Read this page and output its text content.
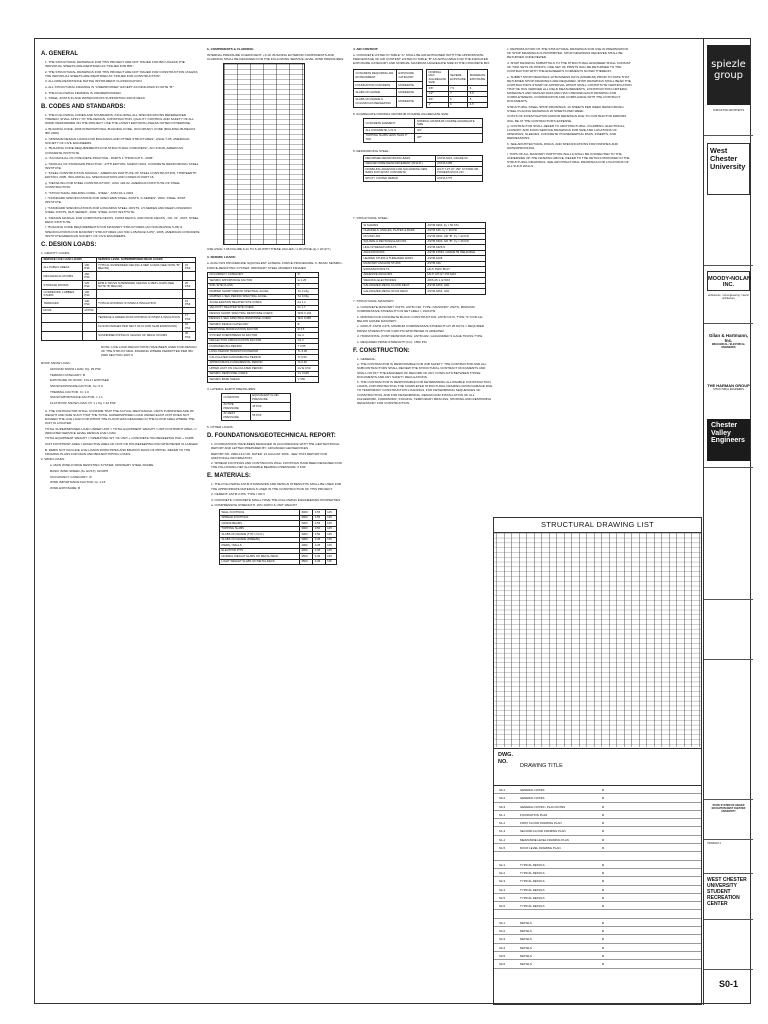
A. GENERAL
1. THE STRUCTURAL DRAWINGS FOR THIS PROJECT ARE NOT ISSUED FOR BID UNLESS THE INDIVIDUAL SHEETS ARE IDENTIFIED AS "ISSUED FOR BID".
2. THE STRUCTURAL DRAWINGS FOR THIS PROJECT ARE NOT ISSUED FOR CONSTRUCTION UNLESS THE INDIVIDUAL SHEETS ARE IDENTIFIED AS "ISSUED FOR CONSTRUCTION".
3. ALL FIRE RESISTANCE RATING INSTRUMENT CLASSIFICATION:
a. ALL STRUCTURAL FRAMING IS "FIREPROOFED" EXCEPT AS INDICATED IN NOTE "B."
b. THE FOLLOWING FRAMING IS UNFIREPROOFED:
1. STEEL JOISTS IN AND WATER ROOFS SUPPORTING ROOF DECK
B. CODES AND STANDARDS:
1. THE FOLLOWING CODES AND STANDARDS, INCLUDING ALL SPECIFICATIONS REFERENCED THEREIN, SHALL APPLY TO THE DESIGN, CONSTRUCTION, QUALITY CONTROL AND SAFETY OF ALL WORK PERFORMED ON THE PROJECT. USE THE LATEST EDITIONS UNLESS NOTED OTHERWISE.
a. BUILDING CODE: 2006 INTERNATIONAL BUILDING CODE, OCCUPANCY CODE (BUILDING BUREAUS IBC 2006)
b. "MINIMUM DESIGN LOADS FOR BUILDINGS AND OTHER STRUCTURES", ASCE 7-05, AMERICAN SOCIETY OF CIVIL ENGINEERS.
c. "BUILDING CODE REQUIREMENTS FOR STRUCTURAL CONCRETE", ACI 318-05, AMERICAN CONCRETE INSTITUTE.
d. "ACI MANUAL OF CONCRETE PRACTICE - PARTS 1 THROUGH 6 - 2008".
e. "MANUAL OF STANDARD PRACTICE", 27TH EDITION, MARCH 2001, CONCRETE REINFORCING STEEL INSTITUTE.
f. "STEEL CONSTRUCTION MANUAL", AMERICAN INSTITUTE OF STEEL CONSTRUCTION, THIRTEENTH EDITION, 2005, INCLUDING ALL SPECIFICATIONS AND CODES IN PART 16.
g. "DETAILING FOR STEEL CONSTRUCTION", AISC 126-02, AMERICAN INSTITUTE OF STEEL CONSTRUCTION.
h. "STRUCTURAL WELDING CODE - STEEL", ANSI D1.1-2004
i. "STANDARD SPECIFICATIONS FOR OPEN WEB STEEL JOISTS, K-SERIES", 2002, STEEL JOIST INSTITUTE.
j. "STANDARD SPECIFICATIONS FOR LONGSPAN STEEL JOISTS, LH-SERIES AND DEEP LONGSPAN STEEL JOISTS, DLH-SERIES", 2002, STEEL JOIST INSTITUTE.
k. "DESIGN MANUAL FOR COMPOSITE DECKS, FORM DECKS, AND ROOF DECKS - NO. 31", 2007, STEEL DECK INSTITUTE.
l. "BUILDING CODE REQUIREMENTS FOR MASONRY STRUCTURES (ACI 530-05/ASCE 5-05) & SPECIFICATIONS FOR MASONRY STRUCTURES (ACI 530.1-05/ASCE 6-05)", 2005, AMERICAN CONCRETE INSTITUTE/AMERICAN SOCIETY OF CIVIL ENGINEERS.
C. DESIGN LOADS:
1. GRAVITY LOADS:
SERVICE LIVE LOAD LOADS		SERVICE LEVEL SUPERIMPOSED DEAD LOADS	
ALL PUBLIC AREAS	100 PSF	TYPICAL SUSPENDED CEILING & MEP LOADS (SEE NOTE "B" BELOW)	15 PSF
MECHANICAL ROOMS	150 PSF		
STORAGE ROOMS	125 PSF	EPM & TRUSS SUSPENDED CEILING & MEP LOADS (SEE NOTE "B" BELOW)	25 PSF
CORRIDORS, LOBBIES, STAIRS	100 PSF		
TERRACES	100 PSF	TYPICAL ROOFING SYSTEM & INSULATION	15 PSF
ROOF	20 PSF		
		TERRACE & GREEN ROOF ROOFING SYSTEM & INSULATION	17 PSF
		FLOOR FINISHES PER SECT OF FLOOR SLAB EXPANSION)	10 PSF
		SUSPENDED PIPING IN CEILING OF MECH. ROOMS	30 PSF
NOTE: LIVE LOAD REDUCTIONS HAVE BEEN USED FOR DESIGN OF THE STRUCTURAL FRAMING WHERE PERMITTED PER IBC 2006 SECTION 1607.9
ROOF SNOW LOAD:
GROUND SNOW LOAD, Pg: 25 PSF
TERRAIN CATEGORY: B
EXPOSURE OF ROOF: FULLY EXPOSED
SNOW EXPOSURE FACTOR, Ce: 0.9
THERMAL FACTOR, Ct: 1.0
SNOW IMPORTANCE FACTOR, I: 1.1
FLAT ROOF SNOW LOAD, Pf: 1 x Pg = 22 PSF
A. THE CONTRACTOR SHALL CONFIRM THAT THE ACTUAL MECHANICAL UNITS FURNISHED ARE OF WEIGHT AND SIZE SUCH THAT THE TOTAL SUPERIMPOSED LOAD UNDER EACH UNIT DOES NOT EXCEED THE LIVE LOAD FOR WHICH THE FLOOR WAS DESIGNED IN THE FLOOR AREA WHERE THE UNIT IS LOCATED.
TOTAL SUPERIMPOSED LOAD UNDER UNIT = TOTAL EQUIPMENT WEIGHT / UNIT FOOTPRINT AREA <= INDICATED SERVICE LEVEL DESIGN LIVE LOAD
TOTAL EQUIPMENT WEIGHT = OPERATING WT. OF UNIT + CONCRETE HOUSEKEEPING PAD + CURB
UNIT FOOTPRINT AREA = EFFECTIVE AREA OF UNIT OR HOUSEKEEPING PAD WHICHEVER IS LARGER
B. DEBIS NOT INCLUDE LIVE LOADS FROM PIPES AND BRANCH RUNS OF PIPING. REFER TO THE FRAMING PLANS FOR MAIN AND BRANCH PIPING LOADS.
2. WIND LOADS:
a. MAIN WIND-FORCE RESISTING SYSTEM: ORDINARY STEEL FRAME
BASIC WIND SPEED (3s GUST): 90 MPH
OCCUPANCY CATEGORY: III
WIND IMPORTANCE FACTOR, Iw: 1.15
WIND EXPOSURE: B
b. COMPONENTS & CLADDING:
INTERNAL PRESSURE COEFFICIENT: +0.18. BUILDING EXTERIOR COMPONENTS AND CLADDING SHALL BE DESIGNED FOR THE FOLLOWING SERVICE LEVEL WIND PRESSURES:
USE ASCE 7-05 FIGURE 6-11 TO 6-18 WITH THESE VALUES / 1.00 ZONE (a) = 20 (FT.)
3. SEISMIC LOADS:
a. ANALYSIS PROCEDURE: EQUIVALENT LATERAL FORCE PROCEDURE. b. BASIC SEISMIC-FORCE-RESISTING SYSTEM: ORDINARY STEEL MOMENT FRAMES
OCCUPANCY CATEGORY	III
SEISMIC IMPORTANCE FACTOR	Ie 1.25
SOIL SITE CLASS	C
MAPPED SHORT PERIOD SPECTRAL ACCEL.	Ss 0.24g
MAPPED 1 SEC PERIOD SPECTRAL ACCEL.	S1 0.06g
ACCELERATION RELATED SITE COEFF.	Fa 1.2
VELOCITY RELATED SITE COEFF.	Fv 1.7
DESIGN SHORT SPECTRAL RESPONSE COEFF.	SDS 0.192
DESIGN 1 SEC SPECTRAL RESPONSE COEFF.	SD1 0.068
SEISMIC DESIGN CATEGORY	B
RESPONSE MODIFICATION FACTOR	R 3.5
SYSTEM OVERSTRENGTH FACTOR	Ωo 3
DEFLECTION AMPLIFICATION FACTOR	Cd 3
FUNDAMENTAL PERIOD	T 0.55
LONG PERIOD TRANSITION PERIOD	TL 6.00
CALCULATED FUNDAMENTAL PERIOD	Tc 0.50
APPROXIMATE FUNDAMENTAL PERIOD	Ta 0.30
UPPER LIMIT ON CALCULATED PERIOD	CuTa 0.50
SEISMIC RESPONSE COEFF.	Cs 0.045
SEISMIC BASE SHEAR	V 350
4. LATERAL EARTH PRESSURES:
CONDITION	EQUIVALENT FLUID PRESSURE
ACTIVE PRESSURE	35 PCF
AT REST PRESSURE	55 PCF
5. OTHER LOADS:
D. FOUNDATIONS/GEOTECHNICAL REPORT:
1. FOUNDATIONS HAVE BEEN DESIGNED IN ACCORDANCE WITH THE GEOTECHNICAL REPORT AND LETTER PREPARED BY: ADVANCED GEOSERVICES
REPORT NO. 2009-1417.00. DATED: 21 AUGUST 2009 - SEE THAT REPORT FOR ADDITIONAL INFORMATION.
2. SPREAD FOOTINGS AND CONTINUOUS WALL FOOTINGS HAVE BEEN DESIGNED FOR THE FOLLOWING NET ALLOWABLE BEARING PRESSURE: 3 KSF
E. MATERIALS:
1. THE FOLLOWING ASTM STANDARDS AND DESIGN STRENGTHS SHALL BE USED FOR THE APPROPRIATE MATERIALS USED IN THE CONSTRUCTION OF THIS PROJECT.
2. CEMENT: ASTM C150, TYPE I OR II
3. CONCRETE: CONCRETE SHALL HAVE THE FOLLOWING ENGINEERING PROPERTIES
a. COMPRESSIVE STRENGTH, W/C RATIO & UNIT WEIGHT
WALL FOOTINGS	3000	0.55	145
SPREAD FOOTINGS	3000	0.55	145
GRADE BEAMS	3000	0.55	145
TOPPING SLABS	3000	0.50	145
SLABS ON GRADE (TYP. U.N.O.)	4000	0.50	145
SLABS ON GRADE (FREEZE)	4000	0.45	145
PIERS / WALLS	4000	0.45	145
ELEVATOR PITS	4000	0.45	145
NORMAL WEIGHT SLABS ON METAL DECK	3500	0.45	145
LIGHT WEIGHT SLABS ON METAL DECK	3500	0.45	115
4. AIR CONTENT:
a. CONCRETE LISTED IN TABLE "A" SHALL BE AIR-ENTRAINED WITH THE APPROPRIATE PERCENTAGE OF AIR CONTENT LISTED IN TABLE "B" AS APPLICABLE FOR THE INDICATED EXPOSURE CATEGORY AND NOMINAL MAXIMUM AGGREGATE SIZE IN THE CONCRETE MIX.
CONCRETE REQUIRING AIR ENTRAINMENT	EXPOSURE CATEGORY
FOUNDATION CONCRETE	MODERATE
SLABS ON GRADE	MODERATE
SLABS ON GRADE & COLUMN HOUSEKEEPING	MODERATE
NOMINAL MAX AGGREGATE SIZE	SEVERE EXPOSURE	MODERATE EXPOSURE
3/8"	7.5	6
1/2"	7	5.5
3/4"	6	5
1"	6	4.5
5. AGGREGATE NOMINAL MAXIMUM COARSE AGGREGATE SIZE:
CONCRETE ELEMENT	NOMINAL MAXIMUM COARSE AGGREGATE SIZE
ALL CONCRETE, U.N.O.	3/4"
TOPPING SLABS LESS THAN 3" THK	3/8"
6. REINFORCING STEEL:
DEFORMED REINFORCING BARS	ASTM A615, GRADE 60
WELDED WIRE REINFORCEMENT (W.W.R.)	ASTM A185
DOWELING ADHESIVE FOR ANCHORING NEW BARS INTO EXIST CONCRETE	HILTI "HIT HY 150" SYSTEM OR POWERS ROCK-ON
EPOXY COATED REBAR	ASTM A775
7. STRUCTURAL STEEL:
W SHAPES	ASTM A992, Fy = 50 KSI
CHANNELS, ANGLES, PLATES & BARS	ASTM A36, Fy = 36 KSI
ROUND HSS	ASTM A500, GR "B", Fy = 42 KSI
SQUARE & RECTANGULAR HSS	ASTM A500, GR "B", Fy = 46 KSI
HIGH STRENGTH BOLTS	ASTM A325-N
ANCHOR RODS	ASTM F1554, GRADE 55 WELDABLE
HEADED STUDS & THREADED RODS	ASTM A108
MASONRY ANCHOR STUDS	ASTM A36
EXPANSION BOLTS	HILTI KWIK BOLT
ADHESIVE ANCHORS	HILTI HIT-HY 150 MAX
WELDING ELECTRODES	AWS A5.1, E70XX
GALVANIZED METAL FLOOR DECK	ASTM A653, G60
GALVANIZED METAL ROOF DECK	ASTM A653, G60
7. STRUCTURAL MASONRY:
a. CONCRETE MASONRY UNITS: ASTM C90, TYPE I MASONRY UNITS, MINIMUM COMPRESSIVE STRENGTH ON NET AREA = 1900 PSI.
b. MORTAR FOR CONCRETE BLOCK CONSTRUCTION: ASTM C270, TYPE "S" FOR ALL BELOW GRADE MASONRY.
c. GROUT: ASTM C476, MINIMUM COMPRESSIVE STRENGTH AT 28 DAYS = REQUIRED PRISM STRENGTH OR 3,000 PSI WHICHEVER IS GREATER.
d. HORIZONTAL JOINT REINFORCING: ASTM A82, GALVANIZED 9 GAGE TRUSS-TYPE
e. REQUIRED PRISM STRENGTH (f'm): 1500 PSI
F. CONSTRUCTION:
1. GENERAL:
a. THE CONTRACTOR IS RESPONSIBLE FOR JOB SAFETY. THE CONTRACTOR AND ALL SUBCONTRACTORS SHALL REVIEW THE STRUCTURAL CONTRACT DOCUMENTS AND SHALL NOTIFY THE ENGINEER OF RECORD OF ANY CONFLICTS BETWEEN THOSE DOCUMENTS AND ANY SAFETY REGULATIONS.
b. THE CONTRACTOR IS RESPONSIBLE FOR DETERMINING ALLOWABLE CONSTRUCTION LOADS, FOR PROTECTING THE COMPLETED STRUCTURAL FRAMING FROM DAMAGE DUE TO TEMPORARY CONSTRUCTION LOADINGS, FOR DETERMINING SEQUENCES OF CONSTRUCTION, AND FOR DETERMINING, DESIGN AND INSTALLATION OF ALL FALSEWORK, FORMWORK, STAGING, TEMPORARY BRACING, SHORING AND RESHORING NECESSARY FOR CONSTRUCTION.
c. REPRODUCTION OF THE STRUCTURAL DRAWINGS FOR USE IN PREPARATION OF SHOP DRAWINGS IS PROHIBITED. SHOP DRAWINGS RECEIVED SHALL BE RETURNED UNREVIEWED.
d. SHOP DRAWING SUBMITTALS TO THE STRUCTURAL ENGINEER SHALL CONSIST OF TWO SETS OF PRINTS. ONE SET OF PRINTS WILL BE RETURNED TO THE CONTRACTOR WITH THE ENGINEER'S COMMENTS NOTED THEREON.
e. SUBMIT SHOP DRAWINGS 10 BUSINESS DAYS (MINIMUM) PRIOR TO DATE THAT RETURNED SHOP DRAWINGS ARE REQUIRED. SHOP DRAWINGS SHALL BEAR THE CONTRACTOR'S STAMP OF APPROVAL WHICH SHALL CONSTITUTE CERTIFICATION THAT HE HAS VERIFIED ALL FIELD MEASUREMENTS, CONSTRUCTION CRITERIA, MATERIALS AND SIMILAR DATA AND HAS CHECKED EACH DRAWING FOR COMPLETENESS, COORDINATION AND COMPLIANCE WITH THE CONTRACT DOCUMENTS.
STRUCTURAL STEEL SHOP DRAWINGS: 10 SHEETS PER WEEK REINFORCING STEEL PLACING DRAWINGS 20 SHEETS PER WEEK
COSTS OF INVESTIGATION AND/OR REDESIGN DUE TO CONTRACTOR ERRORS WILL BE AT THE CONTRACTOR'S EXPENSE.
g. CONTRACTOR SHALL REFER TO ARCHITECTURAL, PLUMBING, ELECTRICAL, LAUNDRY AND FOOD SERVICE DRAWINGS FOR SIZE AND LOCATIONS OF OPENINGS, SLEEVES, CONCRETE HOUSEKEEPING PADS, INSERTS, AND DEPRESSIONS.
h. SEE ARCHITECTURAL DWGS. AND SPECIFICATIONS FOR FINISHES AND WATERPROOFING.
i. TOPS OF ALL MASONRY PARTITION WALLS SHALL BE CONNECTED TO THE UNDERSIDE OF THE FRAMING ABOVE. REFER TO THE DETAILS PROVIDED IN THE STRUCTURAL DRAWINGS. SEE ARCHITECTURAL DRAWINGS FOR LOCATIONS OF ALL SUCH WALLS.
STRUCTURAL DRAWING LIST
DWG.
NO.
DRAWING TITLE
S0-1	GENERAL NOTES	X
S0-2	GENERAL NOTES	X
S0-3	GENERAL NOTES / PLAN NOTES	X
S1-1	FOUNDATION PLAN	X
S1-2	FIRST FLOOR FRAMING PLAN	X
S1-3	SECOND FLOOR FRAMING PLAN	X
S1-4	MEZZANINE LEVEL FRAMING PLAN	X
S1-5	ROOF LEVEL FRAMING PLAN	X
S2-1	TYPICAL DETAILS	X
S2-2	TYPICAL DETAILS	X
S2-3	TYPICAL DETAILS	X
S2-4	TYPICAL DETAILS	X
S2-5	TYPICAL DETAILS	X
S2-6	TYPICAL DETAILS	X
S3-1	DETAILS	X
S3-2	DETAILS	X
S3-3	DETAILS	X
S3-4	DETAILS	X
S3-5	DETAILS	X
S3-6	DETAILS	X
spiezle
group
CONSULTING ARCHITECTS
West Chester University
MOODY•NOLAN INC.
architecture . civil engineering . interior architecture
Gilan & Hartmann, Inc.
MECHANICAL / ELECTRICAL ENGINEERS
THE HARMAN GROUP
STRUCTURAL ENGINEERS
Chester Valley Engineers
STATE SYSTEM OF HIGHER EDUCATION WEST CHESTER UNIVERSITY
700300210.1
WEST CHESTER UNIVERSITY STUDENT RECREATION CENTER
S0-1
